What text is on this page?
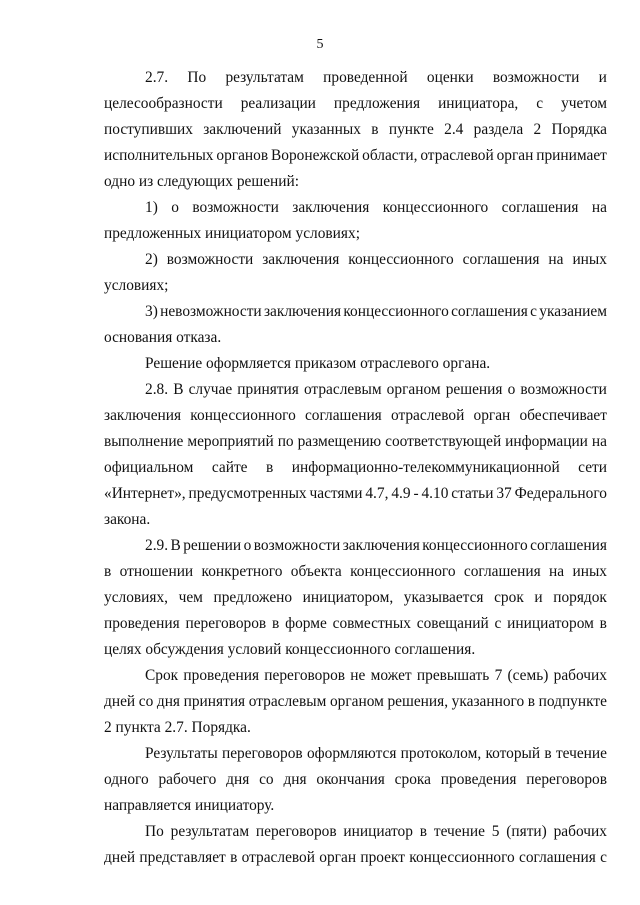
5
2.7. По результатам проведенной оценки возможности и
целесообразности реализации предложения инициатора, с учетом
поступивших заключений указанных в пункте 2.4 раздела 2 Порядка
исполнительных органов Воронежской области, отраслевой орган принимает
одно из следующих решений:
1) о возможности заключения концессионного соглашения на
предложенных инициатором условиях;
2) возможности заключения концессионного соглашения на иных
условиях;
3) невозможности заключения концессионного соглашения с указанием
основания отказа.
Решение оформляется приказом отраслевого органа.
2.8. В случае принятия отраслевым органом решения о возможности
заключения концессионного соглашения отраслевой орган обеспечивает
выполнение мероприятий по размещению соответствующей информации на
официальном сайте в информационно-телекоммуникационной сети
«Интернет», предусмотренных частями 4.7, 4.9 - 4.10 статьи 37 Федерального
закона.
2.9. В решении о возможности заключения концессионного соглашения
в отношении конкретного объекта концессионного соглашения на иных
условиях, чем предложено инициатором, указывается срок и порядок
проведения переговоров в форме совместных совещаний с инициатором в
целях обсуждения условий концессионного соглашения.
Срок проведения переговоров не может превышать 7 (семь) рабочих
дней со дня принятия отраслевым органом решения, указанного в подпункте
2 пункта 2.7. Порядка.
Результаты переговоров оформляются протоколом, который в течение
одного рабочего дня со дня окончания срока проведения переговоров
направляется инициатору.
По результатам переговоров инициатор в течение 5 (пяти) рабочих
дней представляет в отраслевой орган проект концессионного соглашения с
